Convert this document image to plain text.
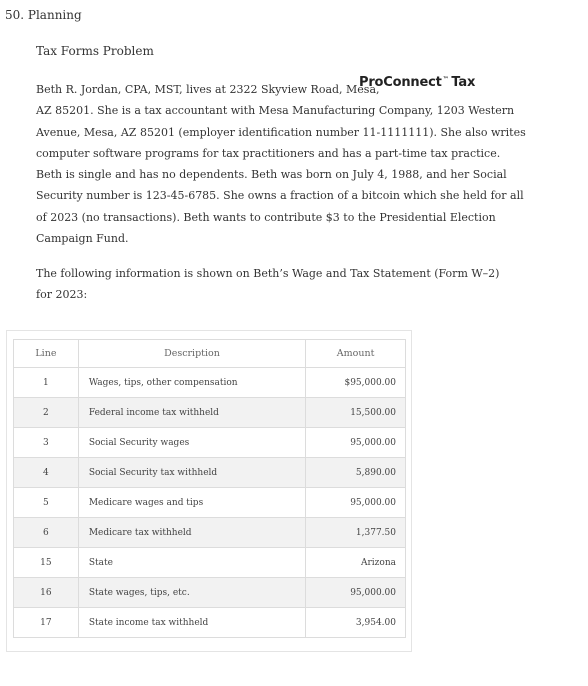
50. Planning
Tax Forms Problem
ProConnect™ Tax
Beth R. Jordan, CPA, MST, lives at 2322 Skyview Road, Mesa,
AZ 85201. She is a tax accountant with Mesa Manufacturing Company, 1203 Western
Avenue, Mesa, AZ 85201 (employer identification number 11-1111111). She also writes
computer software programs for tax practitioners and has a part-time tax practice.
Beth is single and has no dependents. Beth was born on July 4, 1988, and her Social
Security number is 123-45-6785. She owns a fraction of a bitcoin which she held for all
of 2023 (no transactions). Beth wants to contribute $3 to the Presidential Election
Campaign Fund.
The following information is shown on Beth’s Wage and Tax Statement (Form W–2)
for 2023:
Line	Description	Amount
1	Wages, tips, other compensation	$95,000.00
2	Federal income tax withheld	15,500.00
3	Social Security wages	95,000.00
4	Social Security tax withheld	5,890.00
5	Medicare wages and tips	95,000.00
6	Medicare tax withheld	1,377.50
15	State	Arizona
16	State wages, tips, etc.	95,000.00
17	State income tax withheld	3,954.00
